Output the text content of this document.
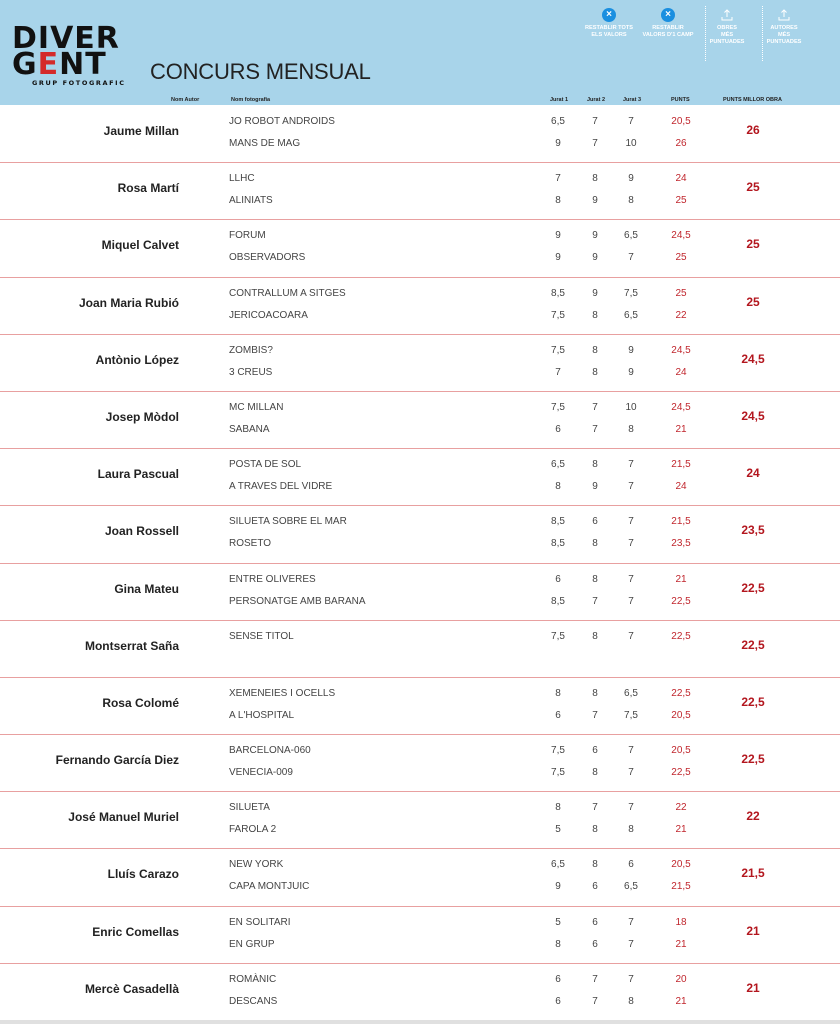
DIVER
GENT
GRUP FOTOGRAFIC CONCURS MENSUAL
×
RESTABLIR TOTS
ELS VALORS
×
RESTABLIR
VALORS D'1 CAMP
OBRES
MÉS
PUNTUADES
AUTORES
MÉS
PUNTUADES
Nom Autor	Nom fotografia	Jurat 1	Jurat 2	Jurat 3	PUNTS	PUNTS MILLOR OBRA
Jaume Millan
JO ROBOT ANDROIDS	6,5	7	7	20,5
MANS DE MAG	9	7	10	26
26
Rosa Martí
LLHC	7	8	9	24
ALINIATS	8	9	8	25
25
Miquel Calvet
FORUM	9	9	6,5	24,5
OBSERVADORS	9	9	7	25
25
Joan Maria Rubió
CONTRALLUM A SITGES	8,5	9	7,5	25
JERICOACOARA	7,5	8	6,5	22
25
Antònio López
ZOMBIS?	7,5	8	9	24,5
3 CREUS	7	8	9	24
24,5
Josep Mòdol
MC MILLAN	7,5	7	10	24,5
SABANA	6	7	8	21
24,5
Laura Pascual
POSTA DE SOL	6,5	8	7	21,5
A TRAVES DEL VIDRE	8	9	7	24
24
Joan Rossell
SILUETA SOBRE EL MAR	8,5	6	7	21,5
ROSETO	8,5	8	7	23,5
23,5
Gina Mateu
ENTRE OLIVERES	6	8	7	21
PERSONATGE AMB BARANA	8,5	7	7	22,5
22,5
Montserrat Saña
SENSE TITOL	7,5	8	7	22,5
22,5
Rosa Colomé
XEMENEIES I OCELLS	8	8	6,5	22,5
A L'HOSPITAL	6	7	7,5	20,5
22,5
Fernando García Diez
BARCELONA-060	7,5	6	7	20,5
VENECIA-009	7,5	8	7	22,5
22,5
José Manuel Muriel
SILUETA	8	7	7	22
FAROLA 2	5	8	8	21
22
Lluís Carazo
NEW YORK	6,5	8	6	20,5
CAPA MONTJUIC	9	6	6,5	21,5
21,5
Enric Comellas
EN SOLITARI	5	6	7	18
EN GRUP	8	6	7	21
21
Mercè Casadellà
ROMÀNIC	6	7	7	20
DESCANS	6	7	8	21
21
